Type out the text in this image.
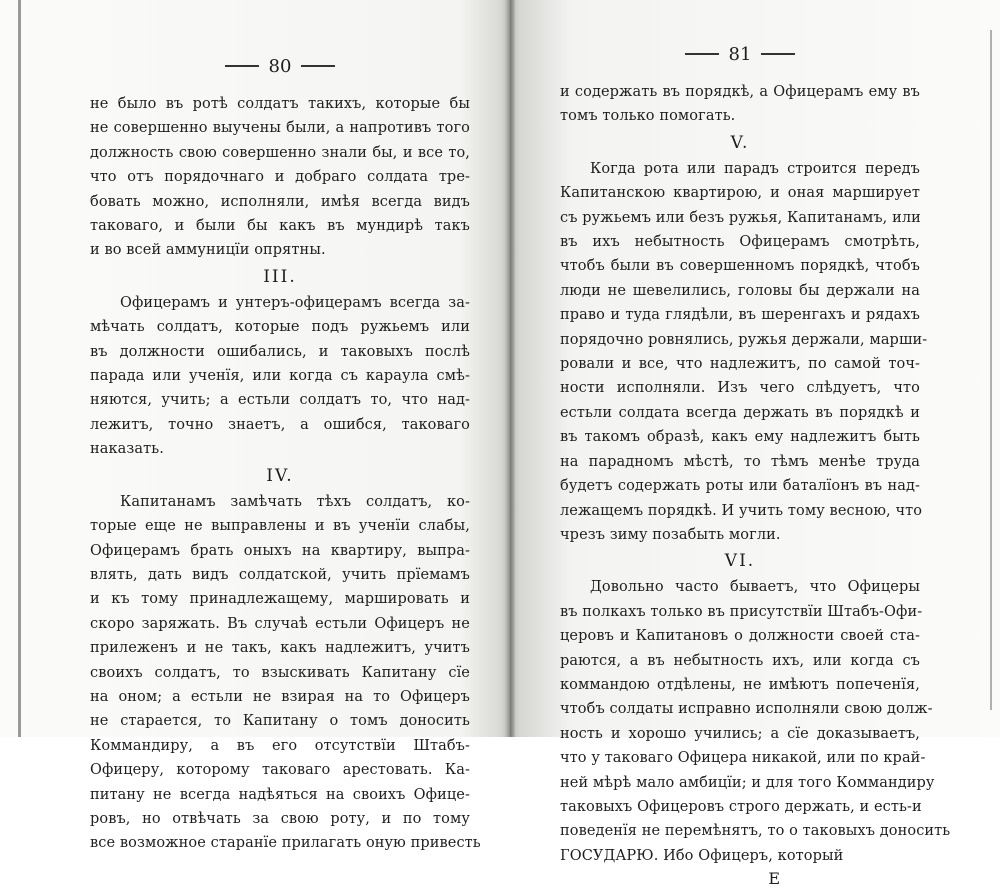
80
не было въ ротѣ солдатъ такихъ, которые бы
не совершенно выучены были, а напротивъ того
должность свою совершенно знали бы, и все то,
что отъ порядочнаго и добраго солдата тре-
бовать можно, исполняли, имѣя всегда видъ
таковаго, и были бы какъ въ мундирѣ такъ
и во всей аммуницїи опрятны.
III.
Офицерамъ и унтеръ-офицерамъ всегда за-
мѣчать солдатъ, которые подъ ружьемъ или
въ должности ошибались, и таковыхъ послѣ
парада или ученїя, или когда съ караула смѣ-
няются, учить; а естьли солдатъ то, что над-
лежитъ, точно знаетъ, а ошибся, таковаго
наказать.
IV.
Капитанамъ замѣчать тѣхъ солдатъ, ко-
торые еще не выправлены и въ ученїи слабы,
Офицерамъ брать оныхъ на квартиру, выпра-
влять, дать видъ солдатской, учить прїемамъ
и къ тому принадлежащему, маршировать и
скоро заряжать. Въ случаѣ естьли Офицеръ не
прилеженъ и не такъ, какъ надлежитъ, учитъ
своихъ солдатъ, то взыскивать Капитану сїе
на оном; а естьли не взирая на то Офицеръ
не старается, то Капитану о томъ доносить
Коммандиру, а въ его отсутствїи Штабъ-
Офицеру, которому таковаго арестовать. Ка-
питану не всегда надѣяться на своихъ Офице-
ровъ, но отвѣчать за свою роту, и по тому
все возможное старанїе прилагать оную привесть
81
и содержать въ порядкѣ, а Офицерамъ ему въ
томъ только помогать.
V.
Когда рота или парадъ строится передъ
Капитанскою квартирою, и оная марширует
съ ружьемъ или безъ ружья, Капитанамъ, или
въ ихъ небытность Офицерамъ смотрѣть,
чтобъ были въ совершенномъ порядкѣ, чтобъ
люди не шевелились, головы бы держали на
право и туда глядѣли, въ шеренгахъ и рядахъ
порядочно ровнялись, ружья держали, марши-
ровали и все, что надлежитъ, по самой точ-
ности исполняли. Изъ чего слѣдуетъ, что
естьли солдата всегда держать въ порядкѣ и
въ такомъ образѣ, какъ ему надлежитъ быть
на парадномъ мѣстѣ, то тѣмъ менѣе труда
будетъ содержать роты или баталїонъ въ над-
лежащемъ порядкѣ. И учить тому весною, что
чрезъ зиму позабыть могли.
VI.
Довольно часто бываетъ, что Офицеры
въ полкахъ только въ присутствїи Штабъ-Офи-
церовъ и Капитановъ о должности своей ста-
раются, а въ небытность ихъ, или когда съ
коммандою отдѣлены, не имѣютъ попеченїя,
чтобъ солдаты исправно исполняли свою долж-
ность и хорошо учились; а сїе доказываетъ,
что у таковаго Офицера никакой, или по край-
ней мѣрѣ мало амбицїи; и для того Коммандиру
таковыхъ Офицеровъ строго держать, и есть-и
поведенїя не перемѣнятъ, то о таковыхъ доносить
ГОСУДАРЮ. Ибо Офицеръ, который
Е
